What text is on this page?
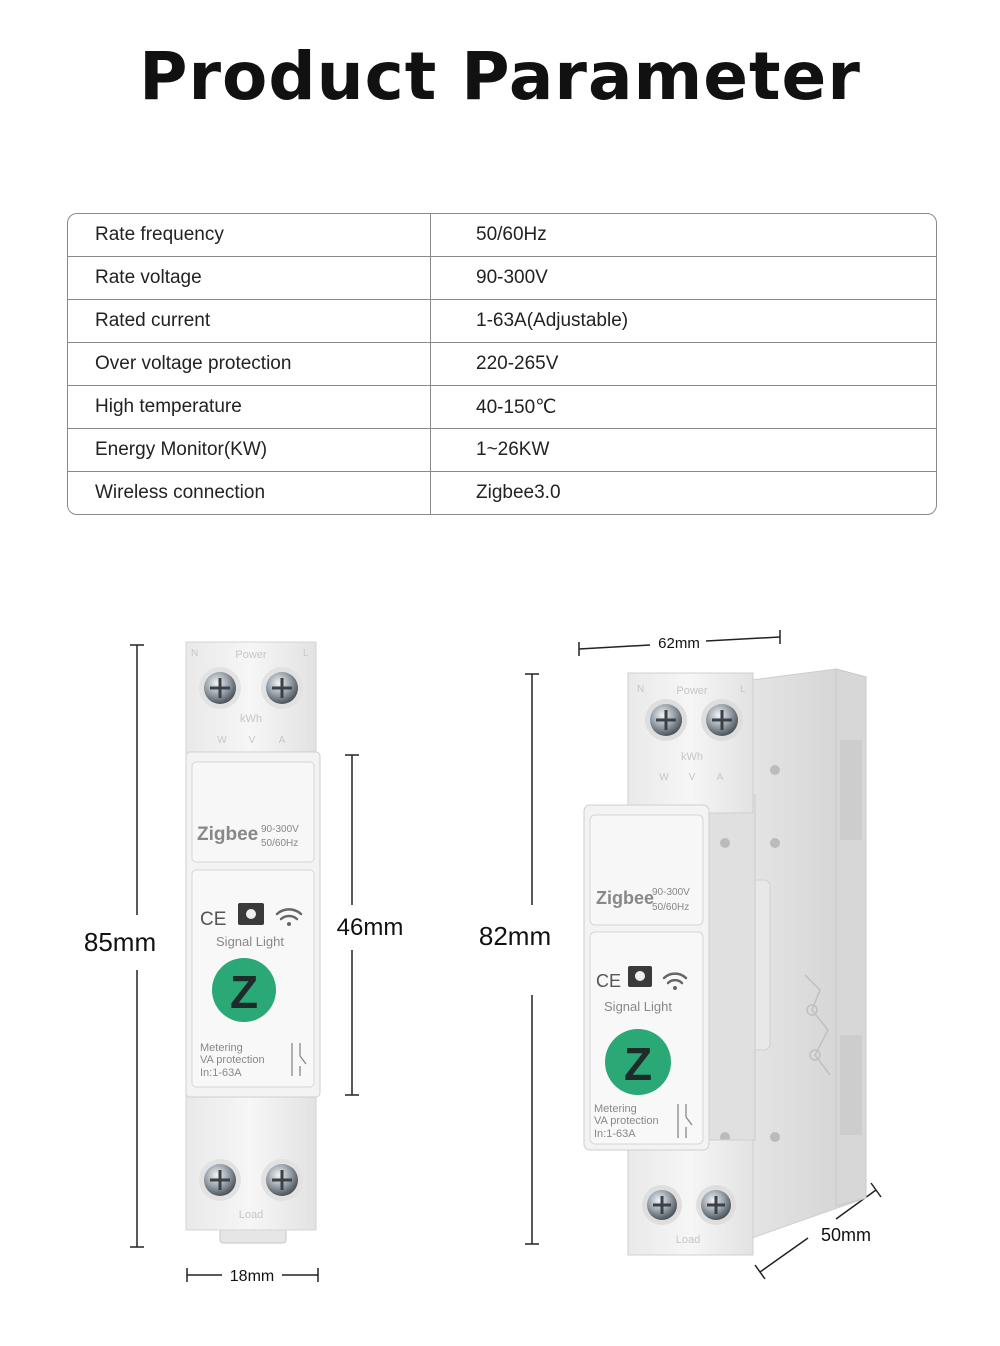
Product Parameter
Rate frequency	50/60Hz
Rate voltage	90-300V
Rated current	1-63A(Adjustable)
Over voltage protection	220-265V
High temperature	40-150℃
Energy Monitor(KW)	1~26KW
Wireless connection	Zigbee3.0
85mm	46mm
18mm
N	Power	L
kWh
W V A
Zigbee 90-300V
50/60Hz
CE
Signal Light
Z
Metering
VA protection
In:1-63A
Load
62mm
82mm
50mm
N	Power	L
kWh
W V A
Zigbee
90-300V
50/60Hz
CE
Signal Light
Z
Metering
VA protection
In:1-63A
Load
